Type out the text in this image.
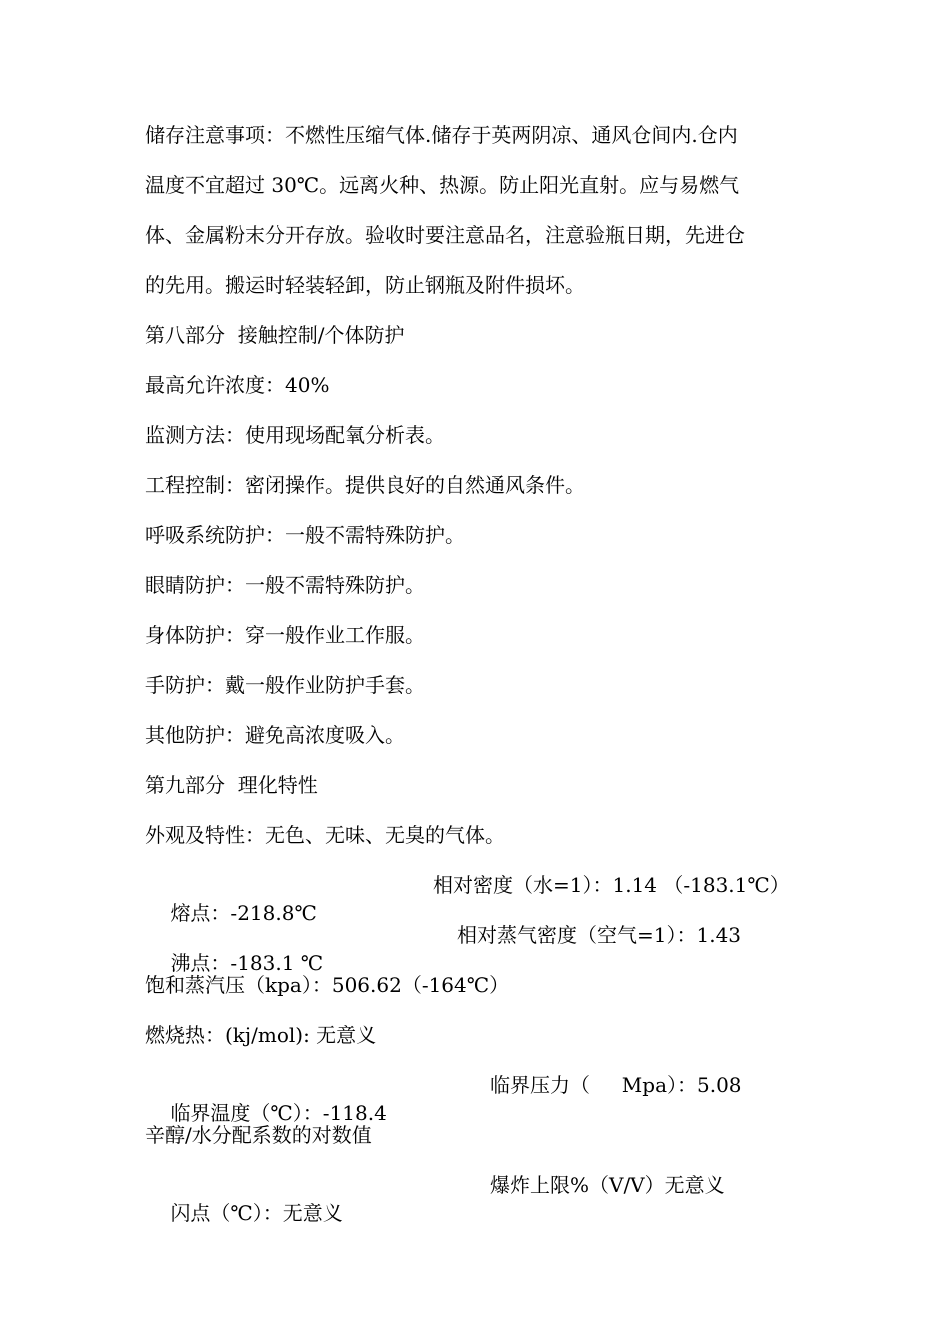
储存注意事项：不燃性压缩气体.储存于英两阴凉、通风仓间内.仓内
温度不宜超过 30℃。远离火种、热源。防止阳光直射。应与易燃气
体、金属粉末分开存放。验收时要注意品名，注意验瓶日期，先进仓
的先用。搬运时轻装轻卸，防止钢瓶及附件损坏。
第八部分  接触控制/个体防护
最高允许浓度：40%
监测方法：使用现场配氧分析表。
工程控制：密闭操作。提供良好的自然通风条件。
呼吸系统防护：一般不需特殊防护。
眼睛防护：一般不需特殊防护。
身体防护：穿一般作业工作服。
手防护：戴一般作业防护手套。
其他防护：避免高浓度吸入。
第九部分  理化特性
外观及特性：无色、无味、无臭的气体。

熔点：-218.8℃

相对密度（水=1）：1.14 （-183.1℃）

沸点：-183.1 ℃

相对蒸气密度（空气=1）：1.43

饱和蒸汽压（kpa）：506.62（-164℃）
燃烧热：(kj/mol): 无意义

临界温度（℃）：-118.4

临界压力（     Mpa）：5.08

辛醇/水分配系数的对数值

闪点（℃）：无意义

爆炸上限%（V/V）无意义
